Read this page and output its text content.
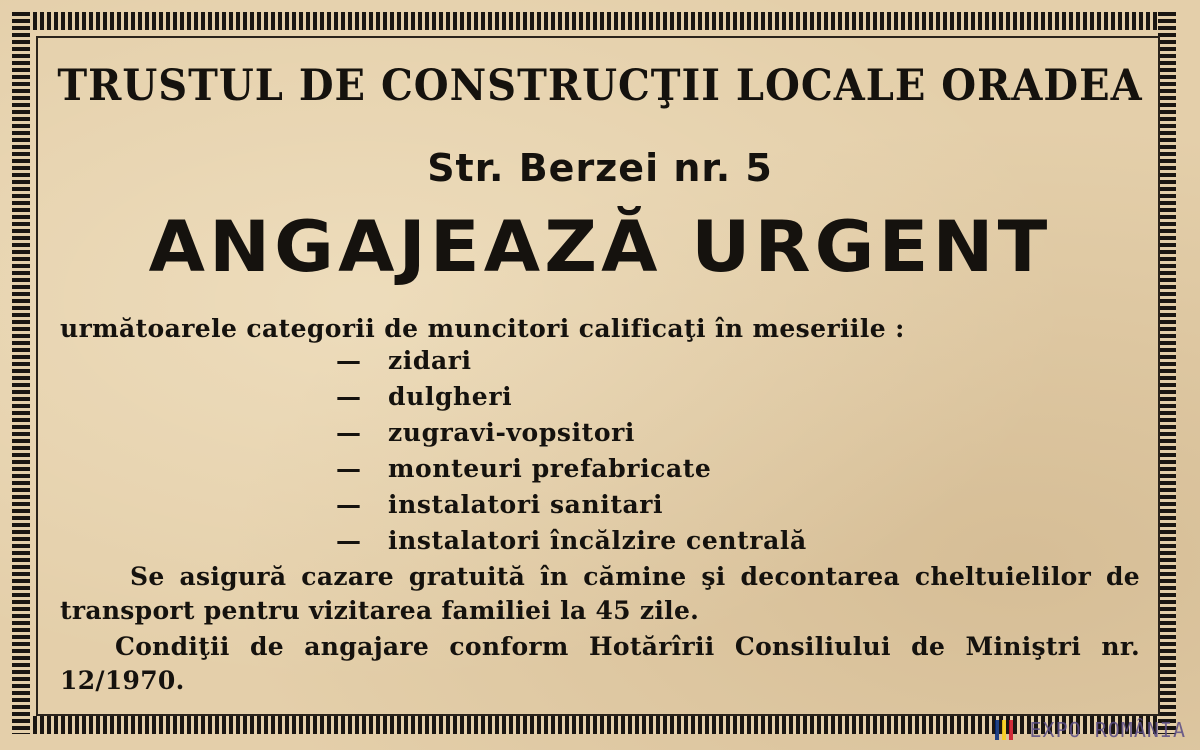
TRUSTUL DE CONSTRUCŢII LOCALE ORADEA
Str. Berzei nr. 5
ANGAJEAZĂ URGENT
următoarele categorii de muncitori calificaţi în meseriile :
— zidari
— dulgheri
— zugravi-vopsitori
— monteuri prefabricate
— instalatori sanitari
— instalatori încălzire centrală
Se asigură cazare gratuită în cămine şi decontarea cheltuielilor de transport pentru vizitarea familiei la 45 zile.
Condiţii de angajare conform Hotărîrii Consiliului de Miniştri nr. 12/1970.
EXPO ROMÂNIA
